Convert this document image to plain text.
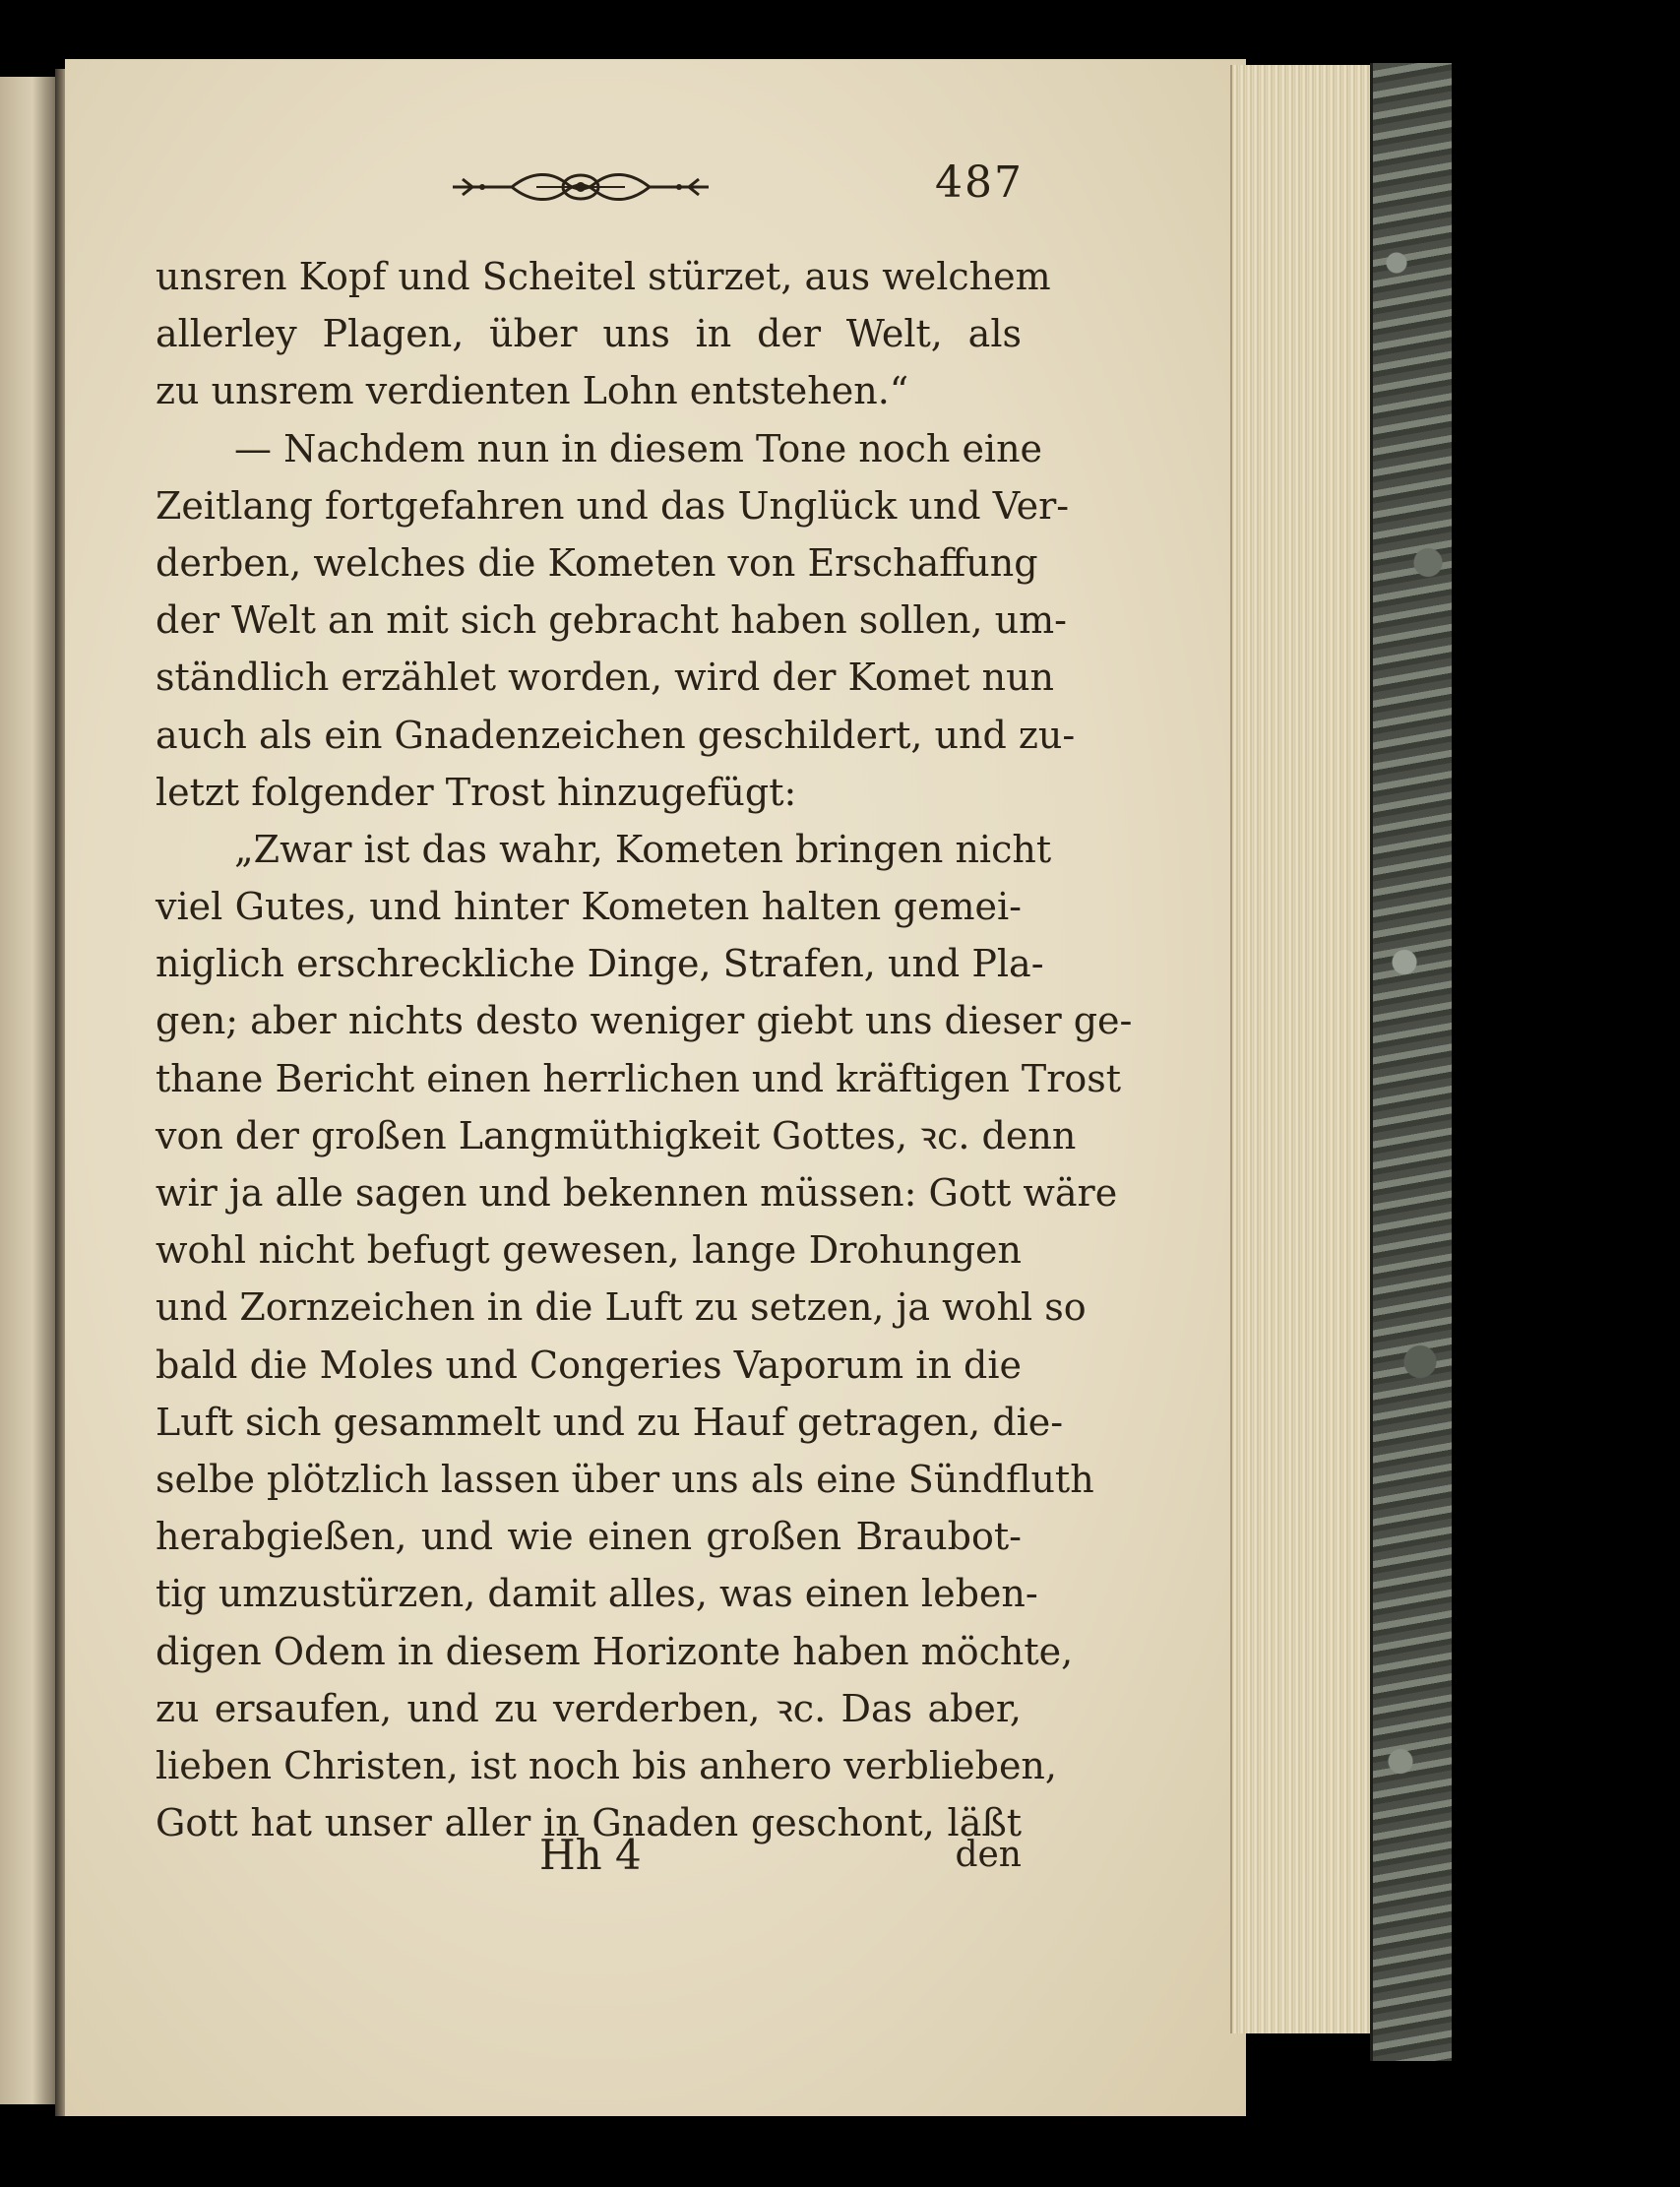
487
unsren Kopf und Scheitel stürzet, aus welchem
allerley Plagen, über uns in der Welt, als
zu unsrem verdienten Lohn entstehen.“
— Nachdem nun in diesem Tone noch eine
Zeitlang fortgefahren und das Unglück und Ver-
derben, welches die Kometen von Erschaffung
der Welt an mit sich gebracht haben sollen, um-
ständlich erzählet worden, wird der Komet nun
auch als ein Gnadenzeichen geschildert, und zu-
letzt folgender Trost hinzugefügt:
„Zwar ist das wahr, Kometen bringen nicht
viel Gutes, und hinter Kometen halten gemei-
niglich erschreckliche Dinge, Strafen, und Pla-
gen; aber nichts desto weniger giebt uns dieser ge-
thane Bericht einen herrlichen und kräftigen Trost
von der großen Langmüthigkeit Gottes, ꝛc. denn
wir ja alle sagen und bekennen müssen: Gott wäre
wohl nicht befugt gewesen, lange Drohungen
und Zornzeichen in die Luft zu setzen, ja wohl so
bald die Moles und Congeries Vaporum in die
Luft sich gesammelt und zu Hauf getragen, die-
selbe plötzlich lassen über uns als eine Sündfluth
herabgießen, und wie einen großen Braubot-
tig umzustürzen, damit alles, was einen leben-
digen Odem in diesem Horizonte haben möchte,
zu ersaufen, und zu verderben, ꝛc. Das aber,
lieben Christen, ist noch bis anhero verblieben,
Gott hat unser aller in Gnaden geschont, läßt
Hh 4	den
